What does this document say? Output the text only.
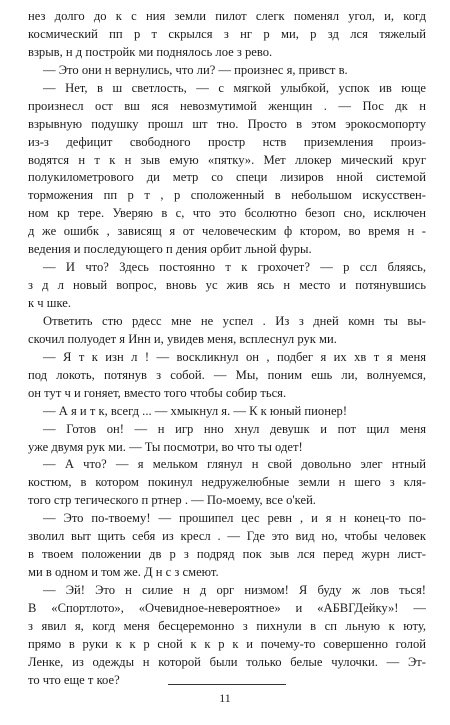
нез долго до к с ния земли пилот слегк поменял угол, и, когд
космический пп р т скрылся з нг р ми, р зд лся тяжелый
взрыв, н д постройк ми поднялось лое з рево.
— Это они н вернулись, что ли? — произнес я, привст в.
— Нет, в ш светлость, — с мягкой улыбкой, успок ив юще
произнесл ост вш яся невозмутимой женщин . — Пос дк н
взрывную подушку прошл шт тно. Просто в этом эрокосмопорту
из-з дефицит свободного простр нств приземления произ-
водятся н т к н зыв емую «пятку». Мет ллокер мический круг
полукилометрового ди метр со специ лизиров нной системой
торможения пп р т , р сположенный в небольшом искусствен-
ном кр тере. Уверяю в с, что это бсолютно безоп сно, исключен
д же ошибк , зависящ я от человеческим ф ктором, во время н -
ведения и последующего п дения орбит льной фуры.
— И что? Здесь постоянно т к грохочет? — р ссл бляясь,
з д л новый вопрос, вновь ус жив ясь н место и потянувшись
к ч шке.
Ответить стю рдесс мне не успел . Из з дней комн ты вы-
скочил полуодет я Инн и, увидев меня, всплеснул рук ми.
— Я т к изн л ! — воскликнул он , подбег я их хв т я меня
под локоть, потянув з собой. — Мы, поним ешь ли, волнуемся,
он тут ч и гоняет, вместо того чтобы собир ться.
— А я и т к, всегд ... — хмыкнул я. — К к юный пионер!
— Готов он! — н игр нно хнул девушк и пот щил меня
уже двумя рук ми. — Ты посмотри, во что ты одет!
— А что? — я мельком глянул н свой довольно элег нтный
костюм, в котором покинул недружелюбные земли н шего з кля-
того стр тегического п ртнер . — По-моему, все о'кей.
— Это по-твоему! — прошипел цес ревн , и я н конец-то по-
зволил выт щить себя из кресл . — Где это вид но, чтобы человек
в твоем положении дв р з подряд пок зыв лся перед журн лист-
ми в одном и том же. Д н с з смеют.
— Эй! Это н силие н д орг низмом! Я буду ж лов ться!
В «Спортлото», «Очевидное-невероятное» и «АБВГДейку»! —
з явил я, когд меня бесцеремонно з пихнули в сп льную к юту,
прямо в руки к к р сной к к р к и почему-то совершенно голой
Ленке, из одежды н которой были только белые чулочки. — Эт-
то что еще т кое?
11
